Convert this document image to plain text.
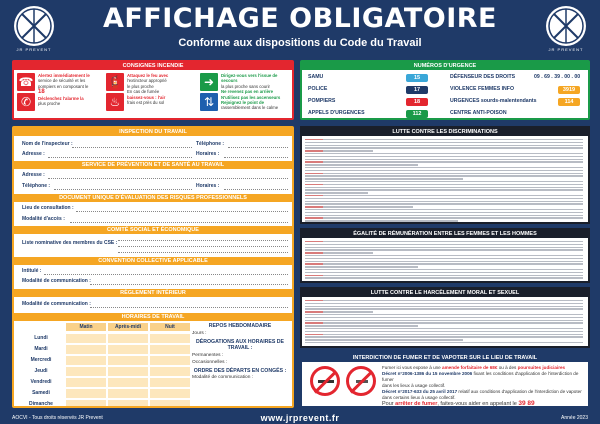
AFFICHAGE OBLIGATOIRE
Conforme aux dispositions du Code du Travail
JR PREVENT	JR PREVENT
CONSIGNES INCENDIE
☎
✆
Alertez immédiatement le
service de sécurité et les
pompiers en composant le
18
Déclenchez l'alarme la
plus proche
🧯
♨
Attaquez le feu avec
l'extincteur approprié
le plus proche
En cas de fumée
baissez-vous : l'air
frais est près du sol
➜
⇅
Dirigez-vous vers l'issue de secours
la plus proche sans courir
Ne revenez pas en arrière
N'utilisez pas les ascenseurs
Rejoignez le point de
rassemblement dans le calme
NUMÉROS D'URGENCE
SAMU	15
POLICE	17
POMPIERS	18
APPELS D'URGENCES	112
DÉFENSEUR DES DROITS	09 . 69 . 39 . 00 . 00
VIOLENCE FEMMES INFO	3919
URGENCES sourds-malentendants	114
CENTRE ANTI-POISON
INSPECTION DU TRAVAIL
Nom de l'inspecteur :	Téléphone :
Adresse :	Horaires :
SERVICE DE PRÉVENTION ET DE SANTÉ AU TRAVAIL
Adresse :
Téléphone :	Horaires :
DOCUMENT UNIQUE D'ÉVALUATION DES RISQUES PROFESSIONNELS
Lieu de consultation :
Modalité d'accès :
COMITÉ SOCIAL ET ÉCONOMIQUE
Liste nominative des membres du CSE :
CONVENTION COLLECTIVE APPLICABLE
Intitulé :
Modalité de communication :
RÈGLEMENT INTÉRIEUR
Modalité de communication :
HORAIRES DE TRAVAIL
Matin	Après-midi	Nuit
Lundi
Mardi
Mercredi
Jeudi
Vendredi
Samedi
Dimanche
REPOS HEBDOMADAIRE
Jours :
DÉROGATIONS AUX HORAIRES DE TRAVAIL :
Permanentes :
Occasionnelles :
ORDRE DES DÉPARTS EN CONGÉS :
Modalité de communication :
LUTTE CONTRE LES DISCRIMINATIONS
ÉGALITÉ DE RÉMUNÉRATION ENTRE LES FEMMES ET LES HOMMES
LUTTE CONTRE LE HARCÈLEMENT MORAL ET SEXUEL
INTERDICTION DE FUMER ET DE VAPOTER SUR LE LIEU DE TRAVAIL
Fumer ici vous expose à une amende forfaitaire de 68€ ou à des poursuites judiciaires
Décret n°2006-1386 du 15 novembre 2006 fixant les conditions d'application de l'interdiction de fumer
dans les lieux à usage collectif.
Décret n°2017-633 du 25 avril 2017 relatif aux conditions d'application de l'interdiction de vapoter
dans certains lieux à usage collectif.
Pour arrêter de fumer, faites-vous aider en appelant le 39 89
AOCVI - Tous droits réservés JR Prevent	www.jrprevent.fr	Année 2023
